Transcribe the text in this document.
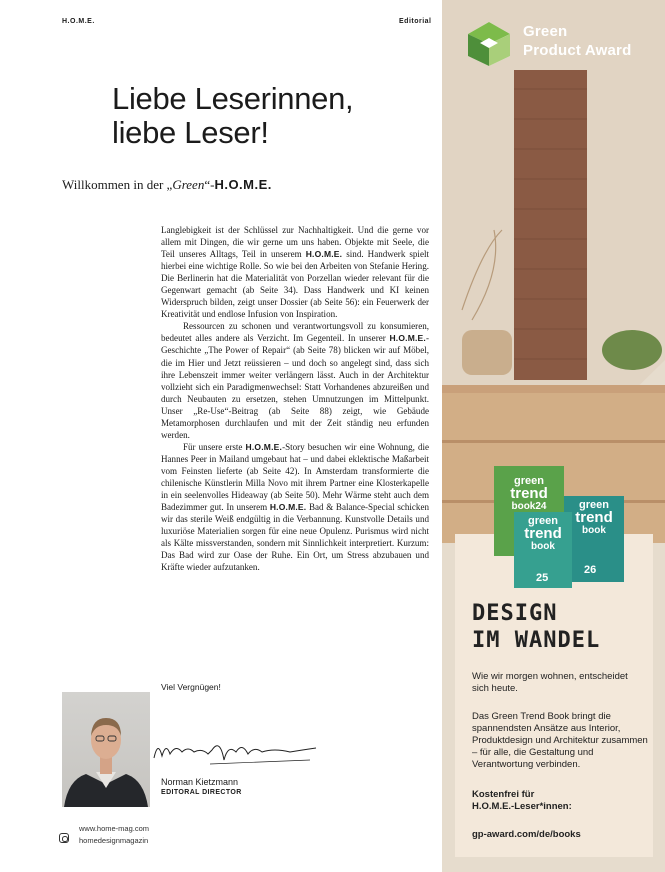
H.O.M.E.	Editorial
Liebe Leserinnen,
liebe Leser!
Willkommen in der „Green“-H.O.M.E.

Langlebigkeit ist der Schlüssel zur Nachhaltigkeit. Und die gerne vor allem mit Dingen, die wir gerne um uns haben. Objekte mit Seele, die Teil unseres Alltags, Teil in unserem H.O.M.E. sind. Handwerk spielt hierbei eine wichtige Rolle. So wie bei den Arbeiten von Stefanie Hering. Die Berlinerin hat die Materialität von Porzellan wieder relevant für die Gegenwart gemacht (ab Seite 34). Dass Handwerk und KI keinen Widerspruch bilden, zeigt unser Dossier (ab Seite 56): ein Feuerwerk der Kreativität und endlose Infusion von Inspiration.

Ressourcen zu schonen und verantwortungsvoll zu konsumieren, bedeutet alles andere als Verzicht. Im Gegenteil. In unserer H.O.M.E.-Geschichte „The Power of Repair“ (ab Seite 78) blicken wir auf Möbel, die im Hier und Jetzt reüssieren – und doch so angelegt sind, dass sich ihre Lebenszeit immer weiter verlängern lässt. Auch in der Architektur vollzieht sich ein Paradigmenwechsel: Statt Vorhandenes abzureißen und durch Neubauten zu ersetzen, stehen Umnutzungen im Mittelpunkt. Unser „Re-Use“-Beitrag (ab Seite 88) zeigt, wie Gebäude Metamorphosen durchlaufen und mit der Zeit ständig neu erfunden werden.

Für unsere erste H.O.M.E.-Story besuchen wir eine Wohnung, die Hannes Peer in Mailand umgebaut hat – und dabei eklektische Maßarbeit vom Feinsten lieferte (ab Seite 42). In Amsterdam transformierte die chilenische Künstlerin Milla Novo mit ihrem Partner eine Klosterkapelle in ein seelenvolles Hideaway (ab Seite 50). Mehr Wärme steht auch dem Badezimmer gut. In unserem H.O.M.E. Bad & Balance-Special schicken wir das sterile Weiß endgültig in die Verbannung. Kunstvolle Details und luxuriöse Materialien sorgen für eine neue Opulenz. Purismus wird nicht als Kälte missverstanden, sondern mit Sinnlichkeit interpretiert. Kurzum: Das Bad wird zur Oase der Ruhe. Ein Ort, um Stress abzubauen und Kräfte wieder aufzutanken.

Viel Vergnügen!
Norman Kietzmann
EDITORAL DIRECTOR
www.home-mag.com
homedesignmagazin
Green
Product Award
green
trend
book24	green
trend
book
26
green
trend
book
25
DESIGN
IM WANDEL
Wie wir morgen wohnen, entscheidet sich heute.
Das Green Trend Book bringt die spannendsten Ansätze aus Interior, Produktdesign und Architektur zusammen – für alle, die Gestaltung und Verantwortung verbinden.
Kostenfrei für
H.O.M.E.-Leser*innen:
gp-award.com/de/books
